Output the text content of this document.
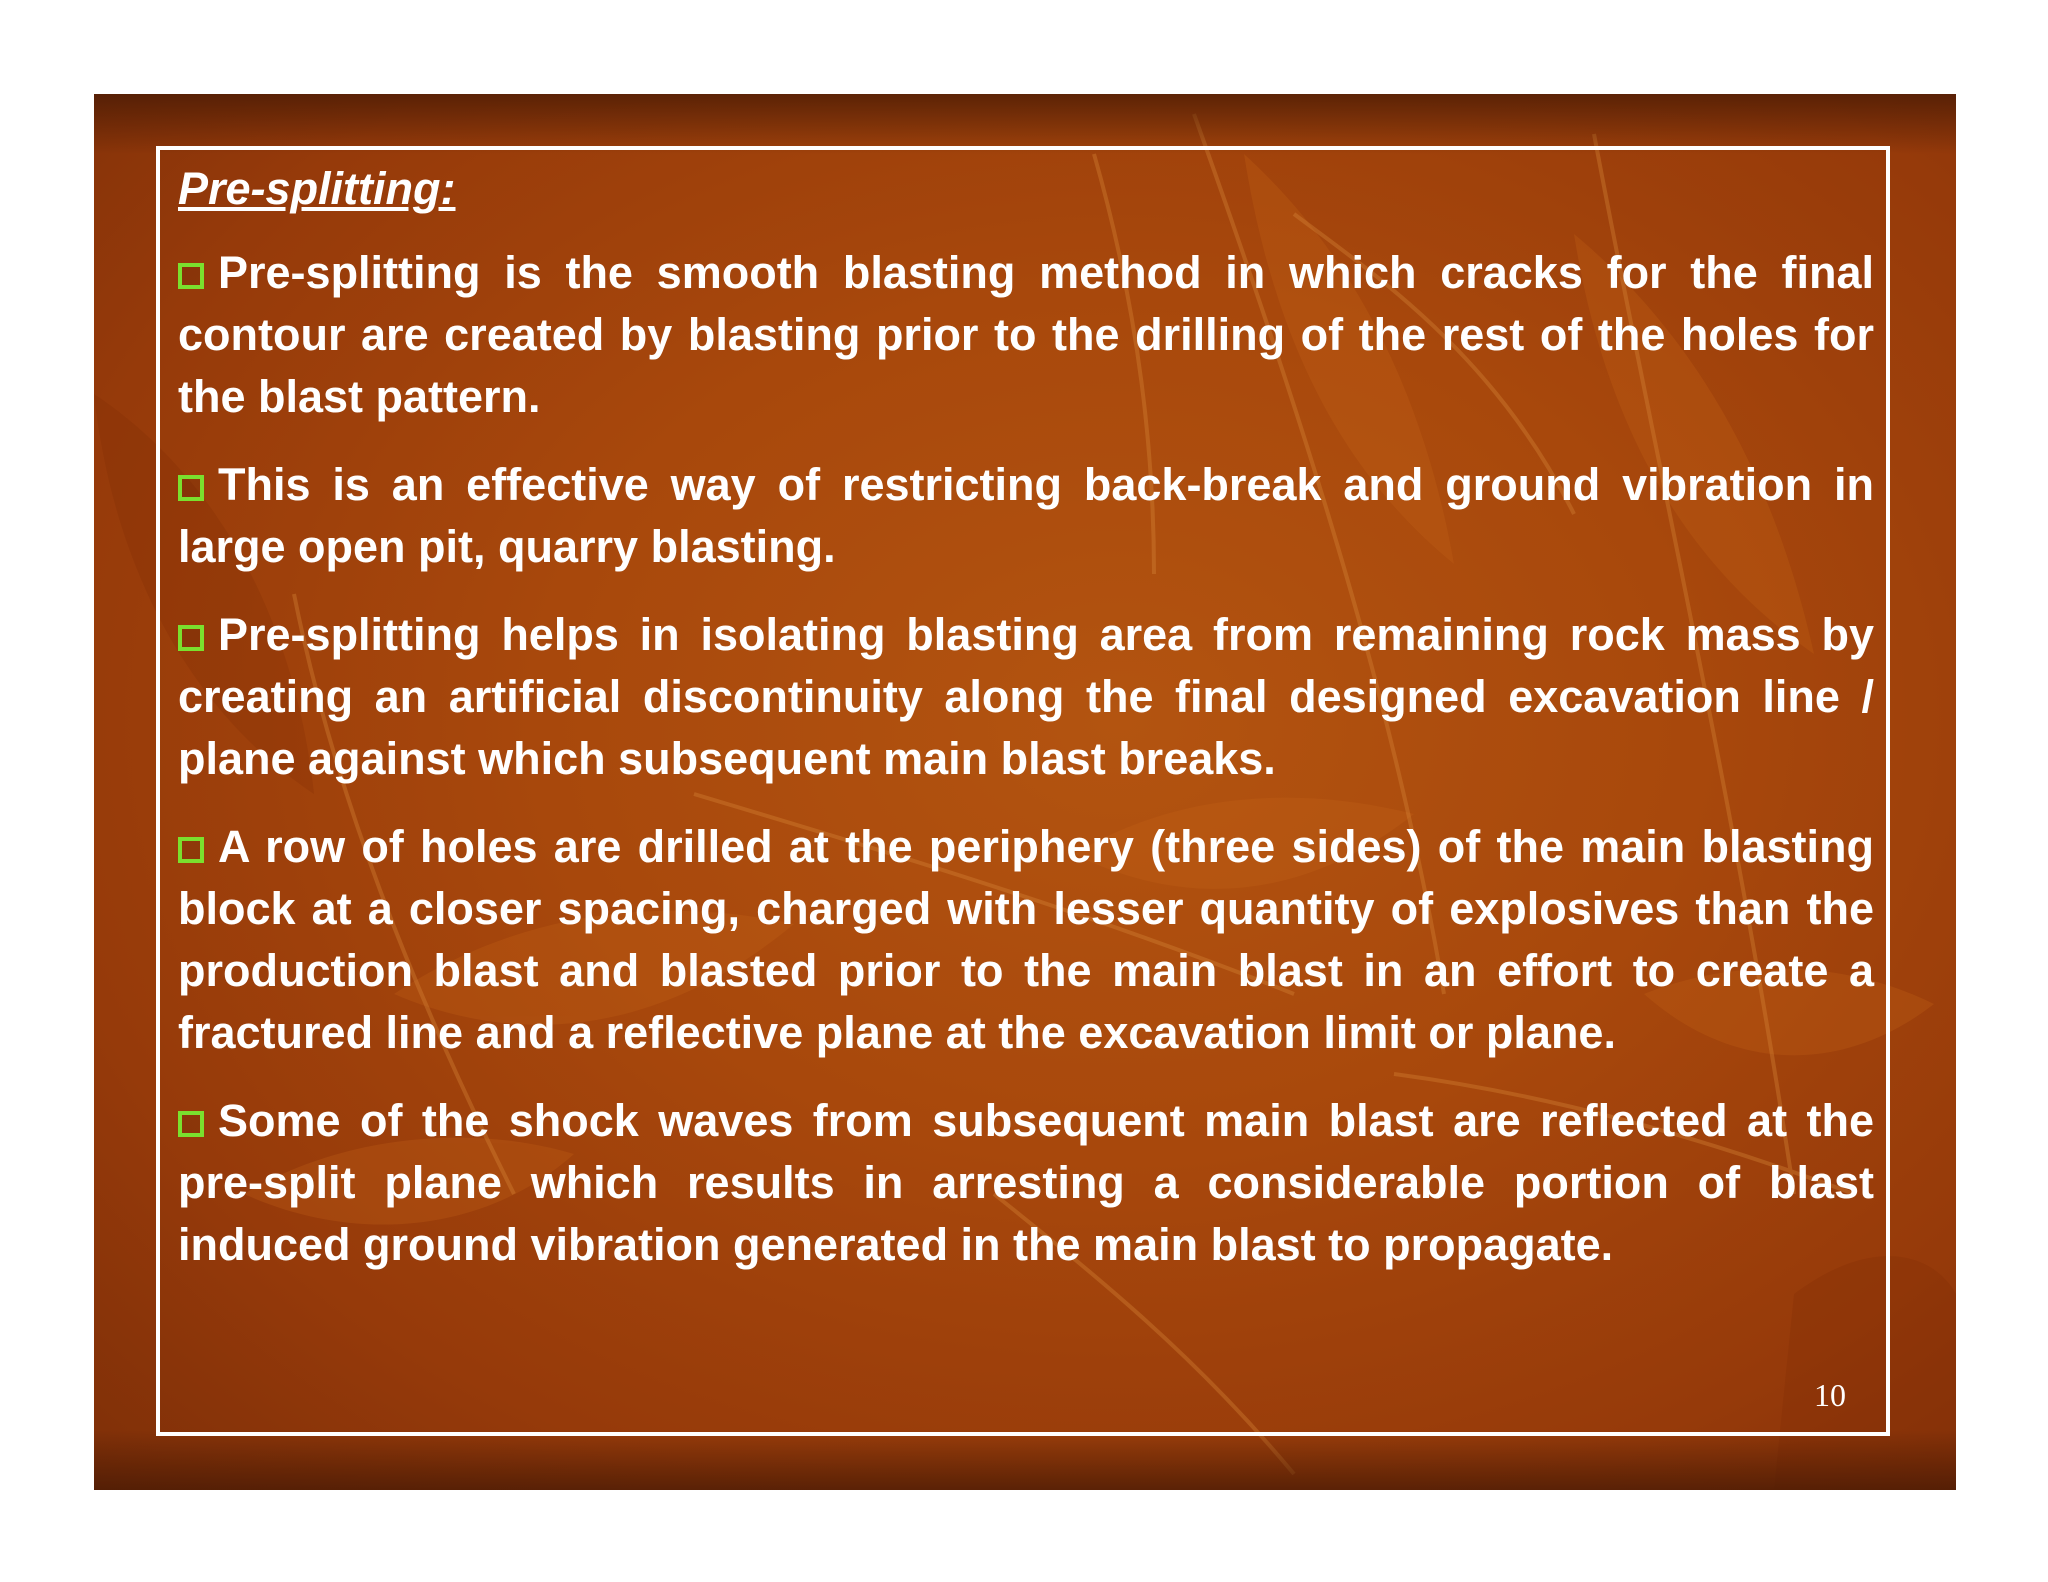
Pre-splitting:
Pre-splitting is the smooth blasting method in which cracks for the final contour are created by blasting prior to the drilling of the rest of the holes for the blast pattern.
This is an effective way of restricting back-break and ground vibration in large open pit, quarry blasting.
Pre-splitting helps in isolating blasting area from remaining rock mass by creating an artificial discontinuity along the final designed excavation line / plane against which subsequent main blast breaks.
A row of holes are drilled at the periphery (three sides) of the main blasting block at a closer spacing, charged with lesser quantity of explosives than the production blast and blasted prior to the main blast in an effort to create a fractured line and a reflective plane at the excavation limit or plane.
Some of the shock waves from subsequent main blast are reflected at the pre-split plane which results in arresting a considerable portion of blast induced ground vibration generated in the main blast to propagate.
10
